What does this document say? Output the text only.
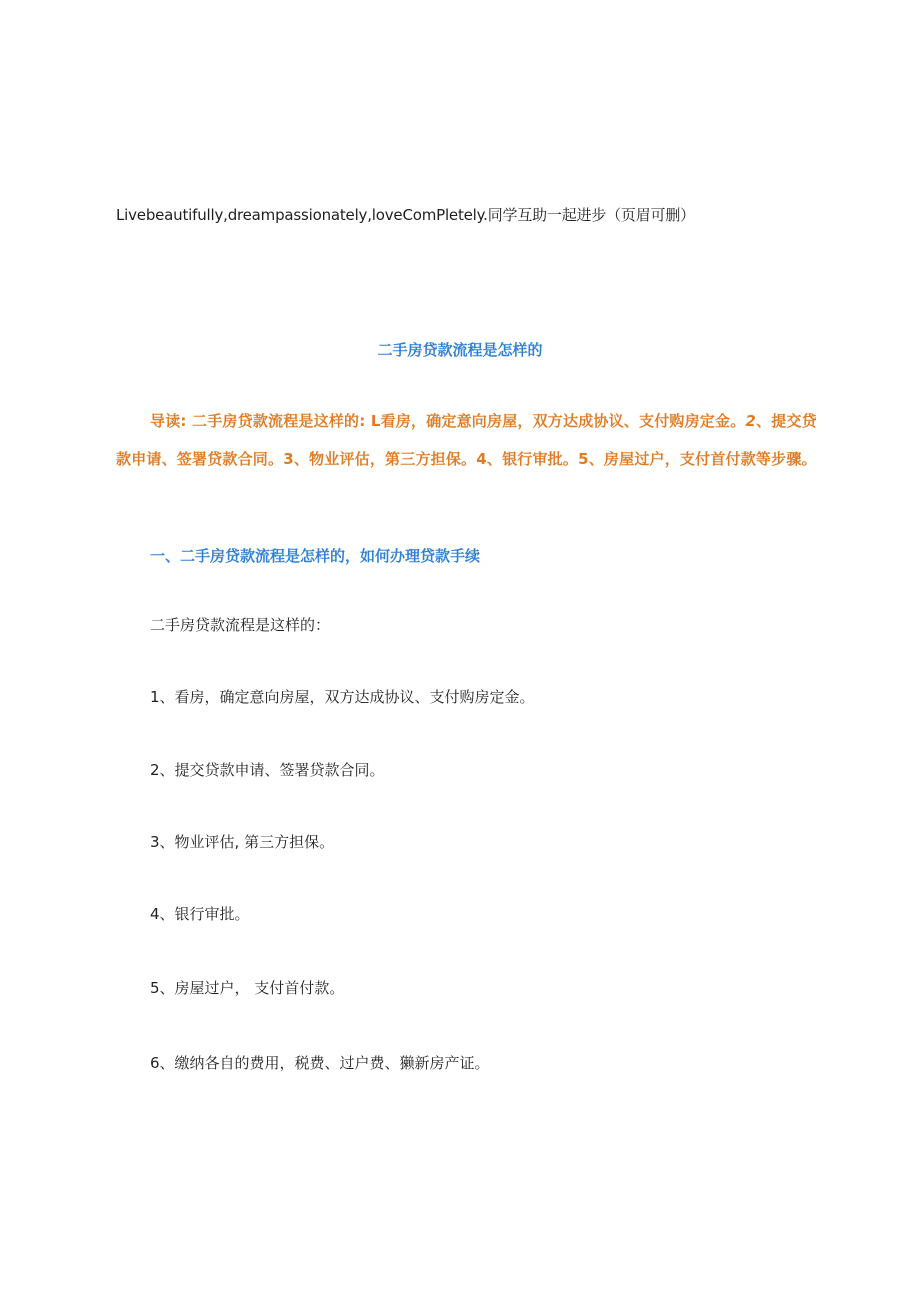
Livebeautifully,dreampassionately,loveComPletely.同学互助一起进步（页眉可删）
二手房贷款流程是怎样的
导读: 二手房贷款流程是这样的: L看房，确定意向房屋，双方达成协议、支付购房定金。2、提交贷款申请、签署贷款合同。3、物业评估，第三方担保。4、银行审批。5、房屋过户，支付首付款等步骤。
一、二手房贷款流程是怎样的，如何办理贷款手续
二手房贷款流程是这样的：
1、看房，确定意向房屋，双方达成协议、支付购房定金。
2、提交贷款申请、签署贷款合同。
3、物业评估, 第三方担保。
4、银行审批。
5、房屋过户， 支付首付款。
6、缴纳各自的费用，税费、过户费、獭新房产证。
